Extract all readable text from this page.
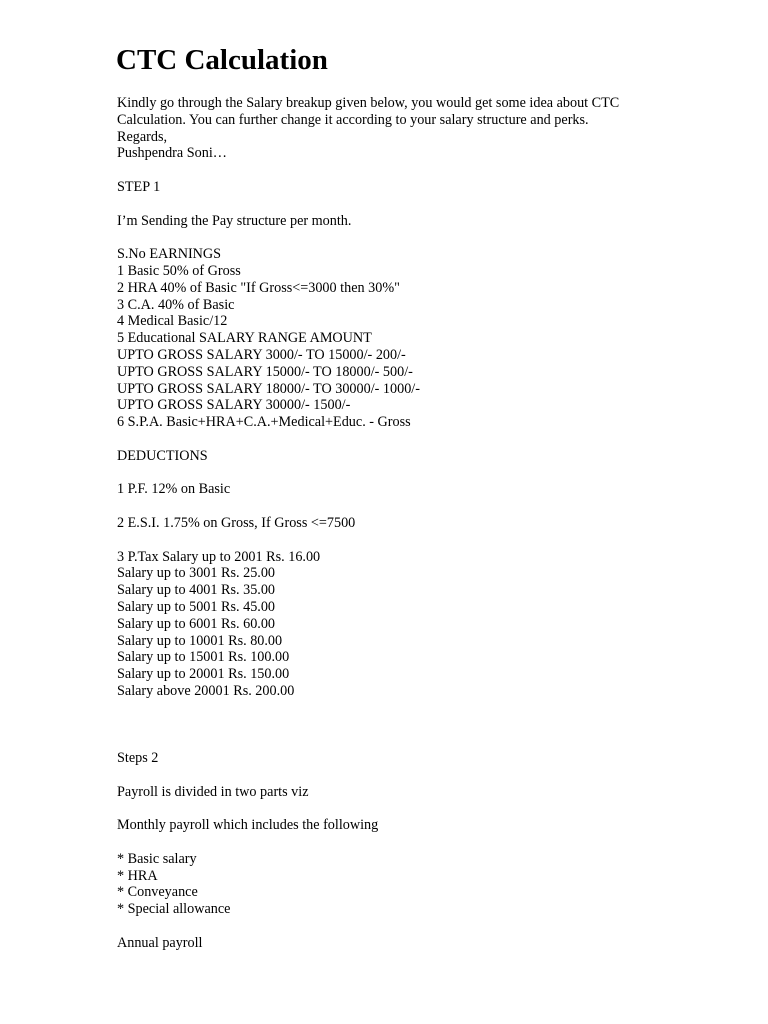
CTC Calculation
Kindly go through the Salary breakup given below, you would get some idea about CTC Calculation. You can further change it according to your salary structure and perks.
Regards,
Pushpendra Soni…
STEP 1
I’m Sending the Pay structure per month.
S.No EARNINGS
1 Basic 50% of Gross
2 HRA 40% of Basic "If Gross<=3000 then 30%"
3 C.A. 40% of Basic
4 Medical Basic/12
5 Educational SALARY RANGE AMOUNT
UPTO GROSS SALARY 3000/- TO 15000/- 200/-
UPTO GROSS SALARY 15000/- TO 18000/- 500/-
UPTO GROSS SALARY 18000/- TO 30000/- 1000/-
UPTO GROSS SALARY 30000/- 1500/-
6 S.P.A. Basic+HRA+C.A.+Medical+Educ. - Gross
DEDUCTIONS
1 P.F. 12% on Basic
2 E.S.I. 1.75% on Gross, If Gross <=7500
3 P.Tax Salary up to 2001 Rs. 16.00
Salary up to 3001 Rs. 25.00
Salary up to 4001 Rs. 35.00
Salary up to 5001 Rs. 45.00
Salary up to 6001 Rs. 60.00
Salary up to 10001 Rs. 80.00
Salary up to 15001 Rs. 100.00
Salary up to 20001 Rs. 150.00
Salary above 20001 Rs. 200.00
Steps 2
Payroll is divided in two parts viz
Monthly payroll which includes the following
* Basic salary
* HRA
* Conveyance
* Special allowance
Annual payroll
